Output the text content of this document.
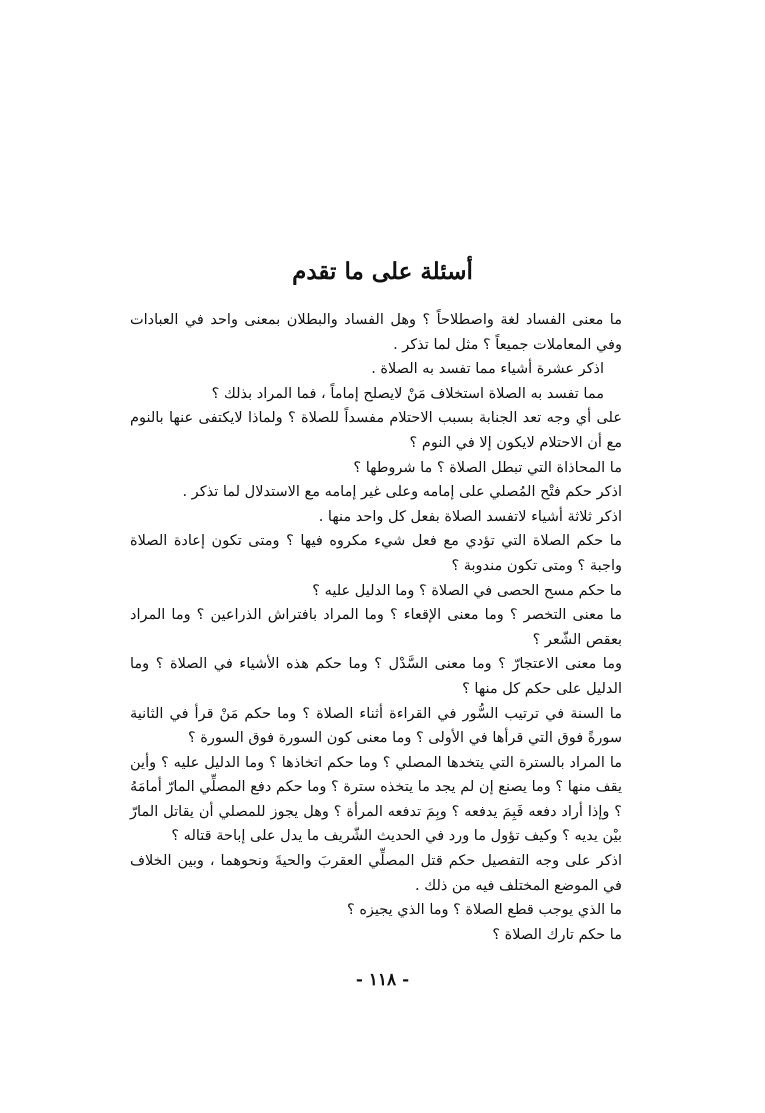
أسئلة على ما تقدم
ما معنى الفساد لغة واصطلاحاً ؟ وهل الفساد والبطلان بمعنى واحد في العبادات وفي المعاملات جميعاً ؟ مثل لما تذكر .
اذكر عشرة أشياء مما تفسد به الصلاة .
مما تفسد به الصلاة استخلاف مَنْ لايصلح إماماً ، فما المراد بذلك ؟
على أي وجه تعد الجنابة بسبب الاحتلام مفسداً للصلاة ؟ ولماذا لايكتفى عنها بالنوم مع أن الاحتلام لايكون إلا في النوم ؟
ما المحاذاة التي تبطل الصلاة ؟ ما شروطها ؟
اذكر حكم فتْح المُصلي على إمامه وعلى غير إمامه مع الاستدلال لما تذكر .
اذكر ثلاثة أشياء لاتفسد الصلاة بفعل كل واحد منها .
ما حكم الصلاة التي تؤدي مع فعل شيء مكروه فيها ؟ ومتى تكون إعادة الصلاة واجبة ؟ ومتى تكون مندوبة ؟
ما حكم مسح الحصى في الصلاة ؟ وما الدليل عليه ؟
ما معنى التخصر ؟ وما معنى الإقعاء ؟ وما المراد بافتراش الذراعين ؟ وما المراد بعقص الشّعر ؟
وما معنى الاعتجارّ ؟ وما معنى السَّدْل ؟ وما حكم هذه الأشياء في الصلاة ؟ وما الدليل على حكم كل منها ؟
ما السنة في ترتيب السُّور في القراءة أثناء الصلاة ؟ وما حكم مَنْ قرأ في الثانية سورةً فوق التي قرأها في الأولى ؟ وما معنى كون السورة فوق السورة ؟
ما المراد بالسترة التي يتخدها المصلي ؟ وما حكم اتخاذها ؟ وما الدليل عليه ؟ وأين يقف منها ؟ وما يصنع إن لم يجد ما يتخذه سترة ؟ وما حكم دفع المصلِّي المارّ أمامَهُ ؟ وإذا أراد دفعه فَبِمَ يدفعه ؟ وبِمَ تدفعه المرأة ؟ وهل يجوز للمصلي أن يقاتل المارّ بيْن يديه ؟ وكيف تؤول ما ورد في الحديث الشّريف ما يدل على إباحة قتاله ؟
اذكر على وجه التفصيل حكم قتل المصلِّي العقربَ والحيةَ ونحوهما ، وبين الخلاف في الموضع المختلف فيه من ذلك .
ما الذي يوجب قطع الصلاة ؟ وما الذي يجيزه ؟
ما حكم تارك الصلاة ؟
- ١١٨ -
